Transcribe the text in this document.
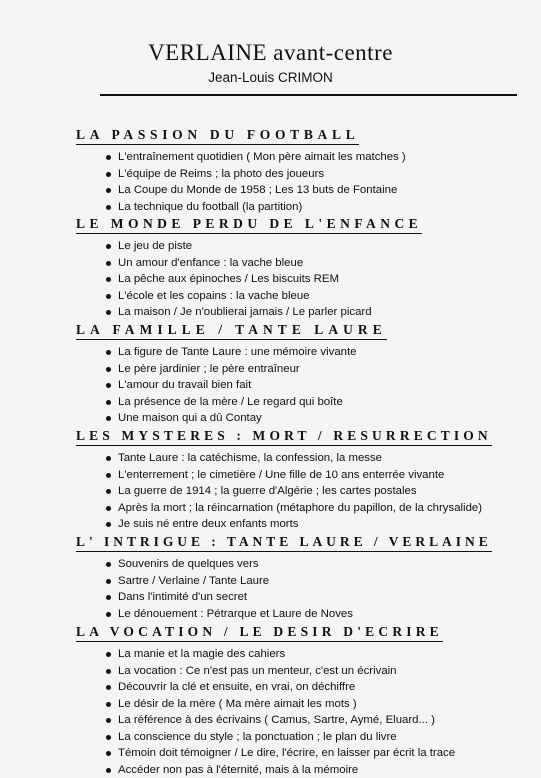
VERLAINE avant-centre
Jean-Louis CRIMON
LA PASSION DU FOOTBALL
L'entraînement quotidien ( Mon père aimait les matches )
L'équipe de Reims ; la photo des joueurs
La Coupe du Monde de 1958 ; Les 13 buts de Fontaine
La technique du football (la partition)
LE MONDE PERDU DE L'ENFANCE
Le jeu de piste
Un amour d'enfance : la vache bleue
La pêche aux épinoches / Les biscuits REM
L'école et les copains : la vache bleue
La maison / Je n'oublierai jamais / Le parler picard
LA FAMILLE / TANTE LAURE
La figure de Tante Laure : une mémoire vivante
Le père jardinier ; le père entraîneur
L'amour du travail bien fait
La présence de la mère / Le regard qui boîte
Une maison qui a dû Contay
LES MYSTERES : MORT / RESURRECTION
Tante Laure : la catéchisme, la confession, la messe
L'enterrement ; le cimetière / Une fille de 10 ans enterrée vivante
La guerre de 1914 ; la guerre d'Algérie ; les cartes postales
Après la mort ; la réincarnation (métaphore du papillon, de la chrysalide)
Je suis né entre deux enfants morts
L' INTRIGUE : TANTE LAURE / VERLAINE
Souvenirs de quelques vers
Sartre / Verlaine / Tante Laure
Dans l'intimité d'un secret
Le dénouement : Pétrarque et Laure de Noves
LA VOCATION / LE DESIR D'ECRIRE
La manie et la magie des cahiers
La vocation : Ce n'est pas un menteur, c'est un écrivain
Découvrir la clé et ensuite, en vrai, on déchiffre
Le désir de la mère ( Ma mère aimait les mots )
La référence à des écrivains ( Camus, Sartre, Aymé, Eluard... )
La conscience du style ; la ponctuation ; le plan du livre
Témoin doit témoigner / Le dire, l'écrire, en laisser par écrit la trace
Accéder non pas à l'éternité, mais à la mémoire
